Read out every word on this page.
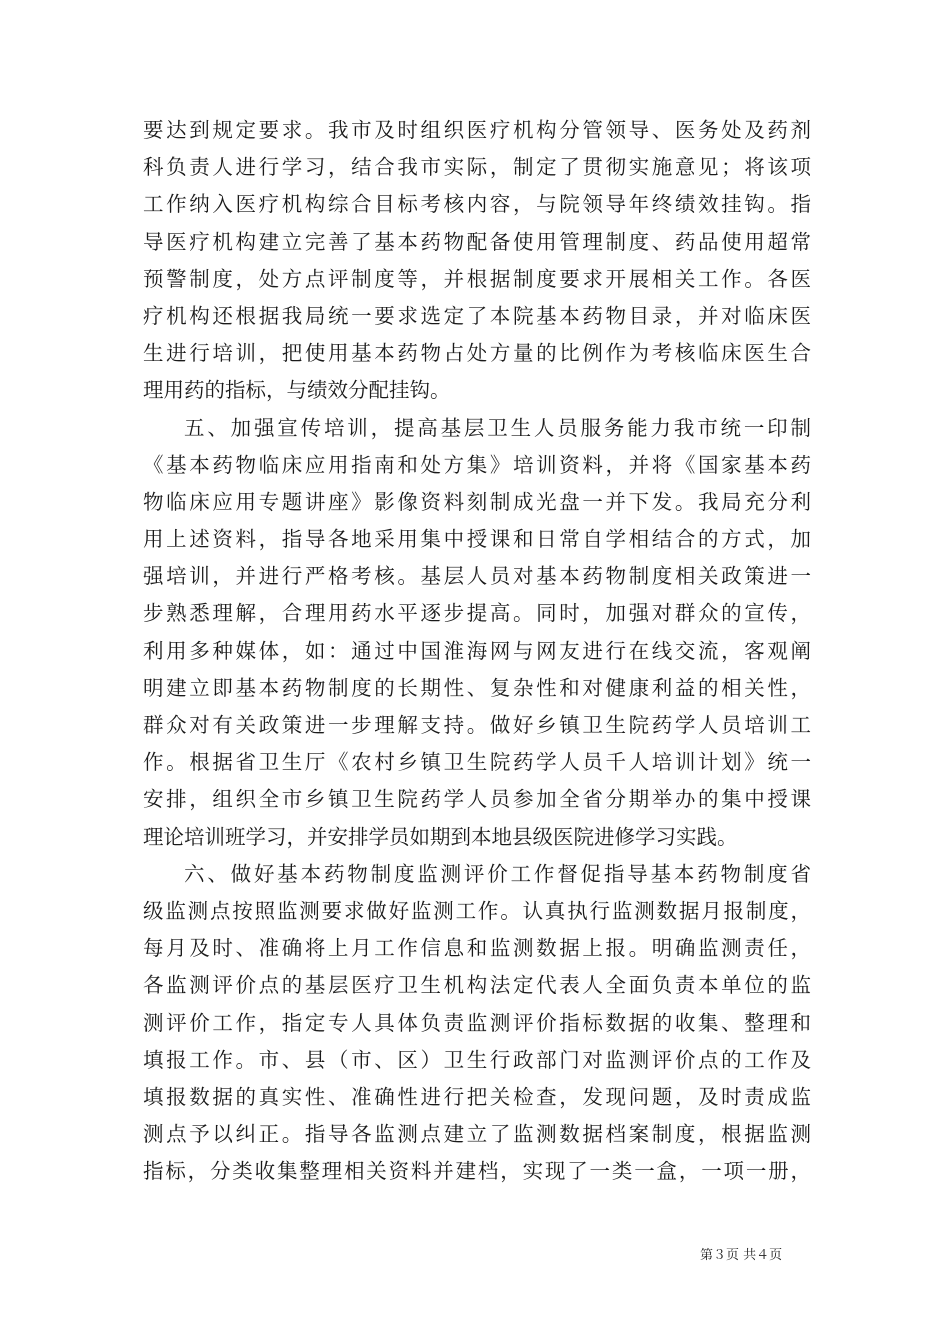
要达到规定要求。我市及时组织医疗机构分管领导、医务处及药剂
科负责人进行学习，结合我市实际，制定了贯彻实施意见；将该项
工作纳入医疗机构综合目标考核内容，与院领导年终绩效挂钩。指
导医疗机构建立完善了基本药物配备使用管理制度、药品使用超常
预警制度，处方点评制度等，并根据制度要求开展相关工作。各医
疗机构还根据我局统一要求选定了本院基本药物目录，并对临床医
生进行培训，把使用基本药物占处方量的比例作为考核临床医生合
理用药的指标，与绩效分配挂钩。
五、加强宣传培训，提高基层卫生人员服务能力我市统一印制
《基本药物临床应用指南和处方集》培训资料，并将《国家基本药
物临床应用专题讲座》影像资料刻制成光盘一并下发。我局充分利
用上述资料，指导各地采用集中授课和日常自学相结合的方式，加
强培训，并进行严格考核。基层人员对基本药物制度相关政策进一
步熟悉理解，合理用药水平逐步提高。同时，加强对群众的宣传，
利用多种媒体，如：通过中国淮海网与网友进行在线交流，客观阐
明建立即基本药物制度的长期性、复杂性和对健康利益的相关性，
群众对有关政策进一步理解支持。做好乡镇卫生院药学人员培训工
作。根据省卫生厅《农村乡镇卫生院药学人员千人培训计划》统一
安排，组织全市乡镇卫生院药学人员参加全省分期举办的集中授课
理论培训班学习，并安排学员如期到本地县级医院进修学习实践。
六、做好基本药物制度监测评价工作督促指导基本药物制度省
级监测点按照监测要求做好监测工作。认真执行监测数据月报制度，
每月及时、准确将上月工作信息和监测数据上报。明确监测责任，
各监测评价点的基层医疗卫生机构法定代表人全面负责本单位的监
测评价工作，指定专人具体负责监测评价指标数据的收集、整理和
填报工作。市、县（市、区）卫生行政部门对监测评价点的工作及
填报数据的真实性、准确性进行把关检查，发现问题，及时责成监
测点予以纠正。指导各监测点建立了监测数据档案制度，根据监测
指标，分类收集整理相关资料并建档，实现了一类一盒，一项一册，
第３页 共４页
